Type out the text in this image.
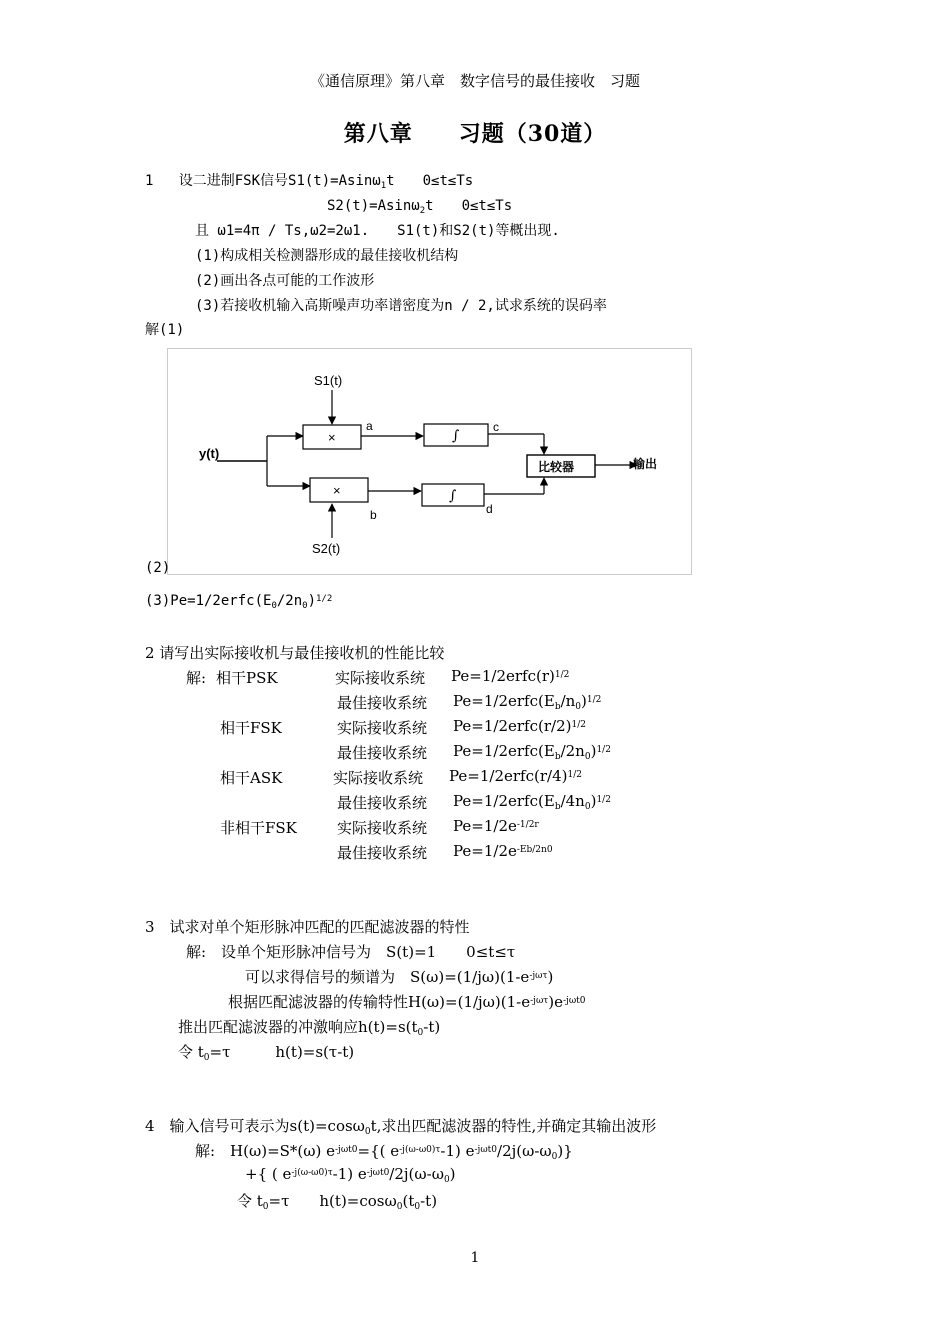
《通信原理》第八章　数字信号的最佳接收　习题
第八章　　习题（30道）
1 设二进制FSK信号S1(t)=Asinω$_1$t　　0≤t≤Ts
S2(t)=Asinω$_2$t　　0≤t≤Ts
且 ω1=4π / Ts,ω2=2ω1.　　S1(t)和S2(t)等概出现.
(1)构成相关检测器形成的最佳接收机结构
(2)画出各点可能的工作波形
(3)若接收机输入高斯噪声功率谱密度为n / 2,试求系统的误码率
解(1)
y(t)
×
S1(t)
×
S2(t)
a
b
∫
∫
c
d
比较器	输出
(2)
$(3)Pe=1/2erfc(E_0/2n_0)^{1/2}$
2 请写出实际接收机与最佳接收机的性能比较
解: 相干PSK	实际接收系统 $Pe=1/2erfc(r)^{1/2}$
最佳接收系统 $Pe=1/2erfc(E_b/n_0)^{1/2}$
相干FSK	实际接收系统 $Pe=1/2erfc(r/2)^{1/2}$
最佳接收系统 $Pe=1/2erfc(E_b/2n_0)^{1/2}$
相干ASK	实际接收系统 $Pe=1/2erfc(r/4)^{1/2}$
最佳接收系统 $Pe=1/2erfc(E_b/4n_0)^{1/2}$
非相干FSK	实际接收系统 $Pe=1/2e^{-1/2r}$
最佳接收系统 $Pe=1/2e^{-Eb/2n0}$
3　试求对单个矩形脉冲匹配的匹配滤波器的特性
解:　设单个矩形脉冲信号为　S(t)=1　　0≤t≤τ
可以求得信号的频谱为　$S(\omega)=(1/j\omega)(1-e^{-j\omega\tau})$
根据匹配滤波器的传输特性$H(\omega)=(1/j\omega)(1-e^{-j\omega\tau})e^{-j\omega t0}$
推出匹配滤波器的冲激响应$h(t)=s(t_0-t)$
令 $t_0=\tau$　　　h(t)=s(τ-t)
4　输入信号可表示为s(t)=cosω$_0$t,求出匹配滤波器的特性,并确定其输出波形
解:　H(ω)=S*(ω) $e^{-j\omega t0}=${( $e^{-j(\omega-\omega 0)\tau}-1$) $e^{-j\omega t0}/2j(\omega-\omega_0)$}
+{ ( $e^{-j(\omega-\omega 0)\tau}-1$) $e^{-j\omega t0}/2j(\omega-\omega_0)$
令 $t_0=\tau$　　$h(t)=\cos\omega_0(t_0-t)$
1
